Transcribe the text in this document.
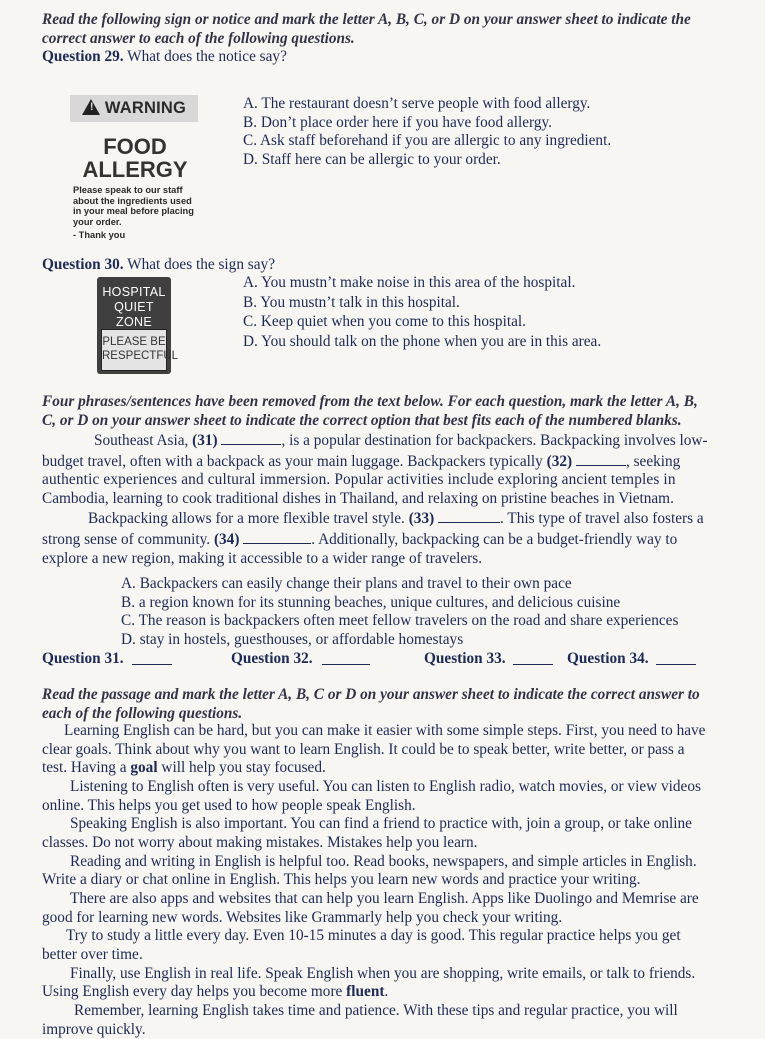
Read the following sign or notice and mark the letter A, B, C, or D on your answer sheet to indicate the
correct answer to each of the following questions.
Question 29. What does the notice say?
! WARNING
FOOD
ALLERGY
Please speak to our staff
about the ingredients used
in your meal before placing
your order.
- Thank you
A. The restaurant doesn’t serve people with food allergy.
B. Don’t place order here if you have food allergy.
C. Ask staff beforehand if you are allergic to any ingredient.
D. Staff here can be allergic to your order.
Question 30. What does the sign say?
HOSPITAL
QUIET ZONE
PLEASE BE
RESPECTFUL
A. You mustn’t make noise in this area of the hospital.
B. You mustn’t talk in this hospital.
C. Keep quiet when you come to this hospital.
D. You should talk on the phone when you are in this area.
Four phrases/sentences have been removed from the text below. For each question, mark the letter A, B,
C, or D on your answer sheet to indicate the correct option that best fits each of the numbered blanks.
Southeast Asia, (31)	, is a popular destination for backpackers. Backpacking involves low-
budget travel, often with a backpack as your main luggage. Backpackers typically (32)	, seeking
authentic experiences and cultural immersion. Popular activities include exploring ancient temples in
Cambodia, learning to cook traditional dishes in Thailand, and relaxing on pristine beaches in Vietnam.
Backpacking allows for a more flexible travel style. (33)	. This type of travel also fosters a
strong sense of community. (34)	. Additionally, backpacking can be a budget-friendly way to
explore a new region, making it accessible to a wider range of travelers.
A. Backpackers can easily change their plans and travel to their own pace
B. a region known for its stunning beaches, unique cultures, and delicious cuisine
C. The reason is backpackers often meet fellow travelers on the road and share experiences
D. stay in hostels, guesthouses, or affordable homestays
Question 31.	Question 32.	Question 33.	Question 34.
Read the passage and mark the letter A, B, C or D on your answer sheet to indicate the correct answer to
each of the following questions.
Learning English can be hard, but you can make it easier with some simple steps. First, you need to have
clear goals. Think about why you want to learn English. It could be to speak better, write better, or pass a
test. Having a goal will help you stay focused.
Listening to English often is very useful. You can listen to English radio, watch movies, or view videos
online. This helps you get used to how people speak English.
Speaking English is also important. You can find a friend to practice with, join a group, or take online
classes. Do not worry about making mistakes. Mistakes help you learn.
Reading and writing in English is helpful too. Read books, newspapers, and simple articles in English.
Write a diary or chat online in English. This helps you learn new words and practice your writing.
There are also apps and websites that can help you learn English. Apps like Duolingo and Memrise are
good for learning new words. Websites like Grammarly help you check your writing.
Try to study a little every day. Even 10-15 minutes a day is good. This regular practice helps you get
better over time.
Finally, use English in real life. Speak English when you are shopping, write emails, or talk to friends.
Using English every day helps you become more fluent.
Remember, learning English takes time and patience. With these tips and regular practice, you will
improve quickly.
